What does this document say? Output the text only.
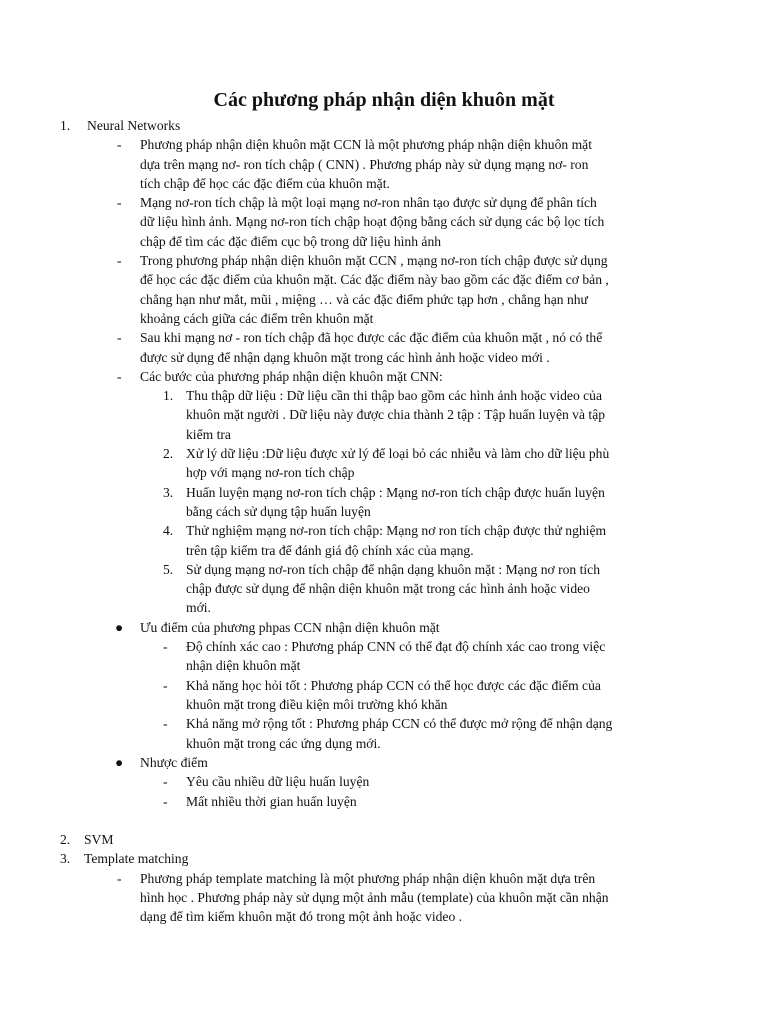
Các phương pháp nhận diện khuôn mặt
1. Neural Networks
- Phương pháp nhận diện khuôn mặt CCN là một phương pháp nhận diện khuôn mặt
dựa trên mạng nơ- ron tích chập ( CNN) . Phương pháp này sử dụng mạng nơ- ron
tích chập để học các đặc điểm của khuôn mặt.
- Mạng nơ-ron tích chập là một loại mạng nơ-ron nhân tạo được sử dụng để phân tích
dữ liệu hình ảnh. Mạng nơ-ron tích chập hoạt động bằng cách sử dụng các bộ lọc tích
chập để tìm các đặc điểm cục bộ trong dữ liệu hình ảnh
- Trong phương pháp nhận diện khuôn mặt CCN , mạng nơ-ron tích chập được sử dụng
để học các đặc điểm của khuôn mặt. Các đặc điểm này bao gồm các đặc điểm cơ bản ,
chẳng hạn như mắt, mũi , miệng … và các đặc điểm phức tạp hơn , chẳng hạn như
khoảng cách giữa các điểm trên khuôn mặt
- Sau khi mạng nơ - ron tích chập đã học được các đặc điểm của khuôn mặt , nó có thể
được sử dụng để nhận dạng khuôn mặt trong các hình ảnh hoặc video mới .
- Các bước của phương pháp nhận diện khuôn mặt CNN:
1. Thu thập dữ liệu : Dữ liệu cần thi thập bao gồm các hình ảnh hoặc video của
khuôn mặt người . Dữ liệu này được chia thành 2 tập : Tập huấn luyện và tập
kiểm tra
2. Xử lý dữ liệu :Dữ liệu được xử lý để loại bỏ các nhiễu và làm cho dữ liệu phù
hợp với mạng nơ-ron tích chập
3. Huấn luyện mạng nơ-ron tích chập : Mạng nơ-ron tích chập được huấn luyện
bằng cách sử dụng tập huấn luyện
4. Thử nghiệm mạng nơ-ron tích chập: Mạng nơ ron tích chập được thử nghiệm
trên tập kiểm tra để đánh giá độ chính xác của mạng.
5. Sử dụng mạng nơ-ron tích chập để nhận dạng khuôn mặt : Mạng nơ ron tích
chập được sử dụng để nhận diện khuôn mặt trong các hình ảnh hoặc video
mới.
● Ưu điểm của phương phpas CCN nhận diện khuôn mặt
- Độ chính xác cao : Phương pháp CNN có thể đạt độ chính xác cao trong việc
nhận diện khuôn mặt
- Khả năng học hỏi tốt : Phương pháp CCN có thể học được các đặc điểm của
khuôn mặt trong điều kiện môi trường khó khăn
- Khả năng mở rộng tốt : Phương pháp CCN có thể được mở rộng để nhận dạng
khuôn mặt trong các ứng dụng mới.
● Nhược điểm
- Yêu cầu nhiều dữ liệu huấn luyện
- Mất nhiều thời gian huấn luyện
2. SVM
3. Template matching
- Phương pháp template matching là một phương pháp nhận diện khuôn mặt dựa trên
hình học . Phương pháp này sử dụng một ảnh mẫu (template) của khuôn mặt cần nhận
dạng để tìm kiếm khuôn mặt đó trong một ảnh hoặc video .
